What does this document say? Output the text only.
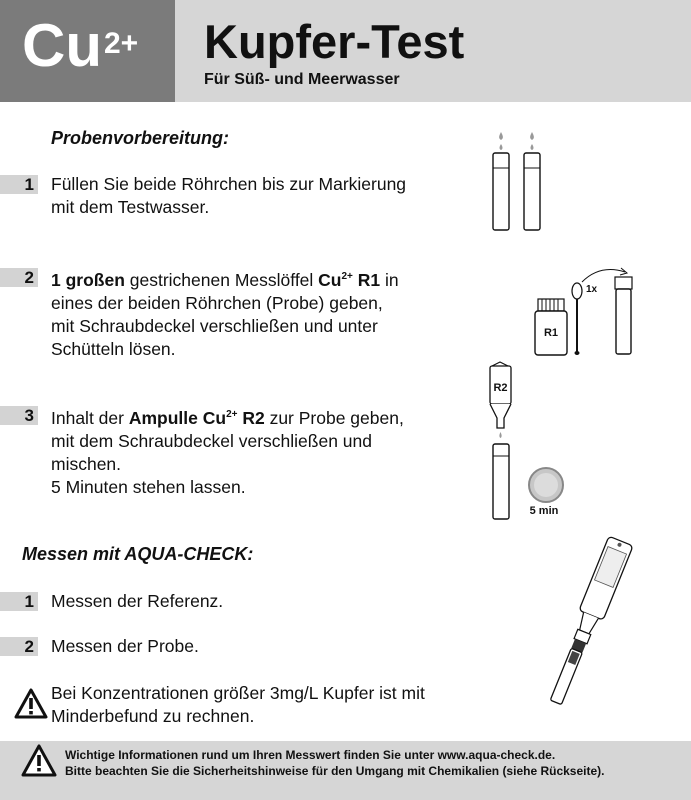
$Cu^{2+}$ Kupfer-Test
Für Süß- und Meerwasser
Probenvorbereitung:
1 Füllen Sie beide Röhrchen bis zur Markierung
mit dem Testwasser.
2 1 großen gestrichenen Messlöffel $Cu^{2+}$ R1 in
eines der beiden Röhrchen (Probe) geben,
mit Schraubdeckel verschließen und unter
Schütteln lösen.
3 Inhalt der Ampulle $Cu^{2+}$ R2 zur Probe geben,
mit dem Schraubdeckel verschließen und
mischen.
5 Minuten stehen lassen.
Messen mit AQUA-CHECK:
1 Messen der Referenz.
2 Messen der Probe.
Bei Konzentrationen größer 3mg/L Kupfer ist mit
Minderbefund zu rechnen.
R1
1x
R2
5 min
Wichtige Informationen rund um Ihren Messwert finden Sie unter www.aqua-check.de.
Bitte beachten Sie die Sicherheitshinweise für den Umgang mit Chemikalien (siehe Rückseite).
